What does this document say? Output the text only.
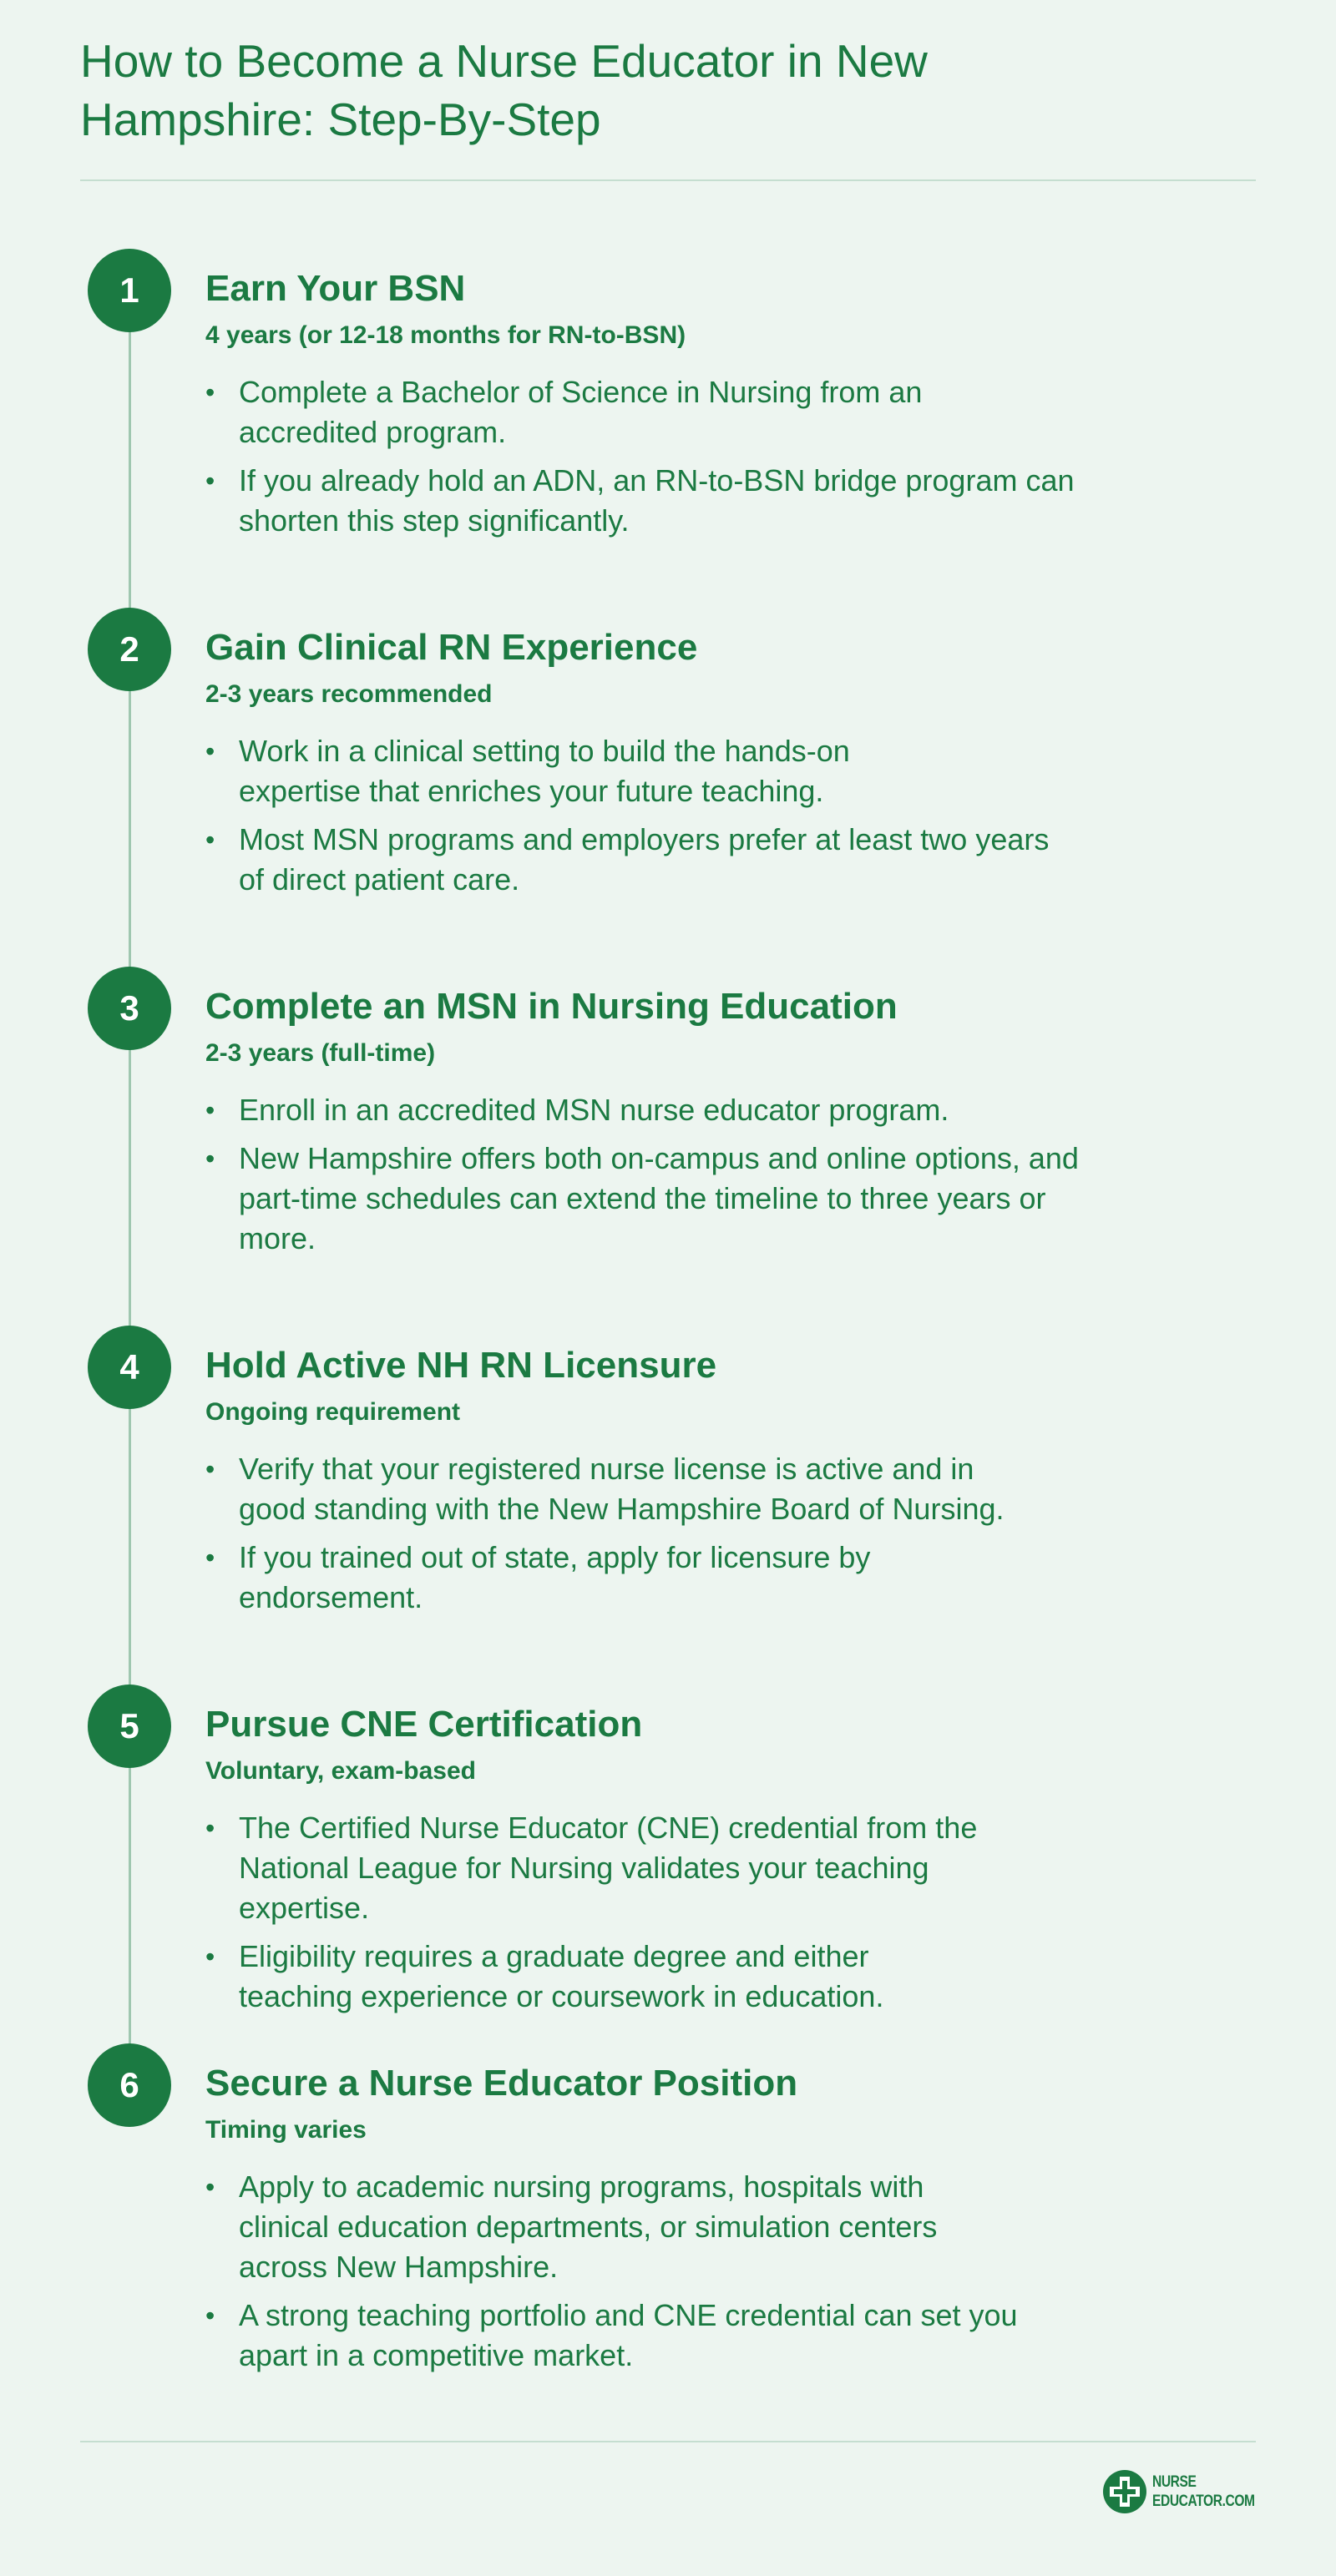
How to Become a Nurse Educator in New Hampshire: Step-By-Step
1	Earn Your BSN
4 years (or 12-18 months for RN-to-BSN)
• Complete a Bachelor of Science in Nursing from an accredited program.
• If you already hold an ADN, an RN-to-BSN bridge program can shorten this step significantly.
2	Gain Clinical RN Experience
2-3 years recommended
• Work in a clinical setting to build the hands-on expertise that enriches your future teaching.
• Most MSN programs and employers prefer at least two years of direct patient care.
3	Complete an MSN in Nursing Education
2-3 years (full-time)
• Enroll in an accredited MSN nurse educator program.
• New Hampshire offers both on-campus and online options, and part-time schedules can extend the timeline to three years or more.
4	Hold Active NH RN Licensure
Ongoing requirement
• Verify that your registered nurse license is active and in good standing with the New Hampshire Board of Nursing.
• If you trained out of state, apply for licensure by endorsement.
5	Pursue CNE Certification
Voluntary, exam-based
• The Certified Nurse Educator (CNE) credential from the National League for Nursing validates your teaching expertise.
• Eligibility requires a graduate degree and either teaching experience or coursework in education.
6	Secure a Nurse Educator Position
Timing varies
• Apply to academic nursing programs, hospitals with clinical education departments, or simulation centers across New Hampshire.
• A strong teaching portfolio and CNE credential can set you apart in a competitive market.
NURSE
EDUCATOR.COM
